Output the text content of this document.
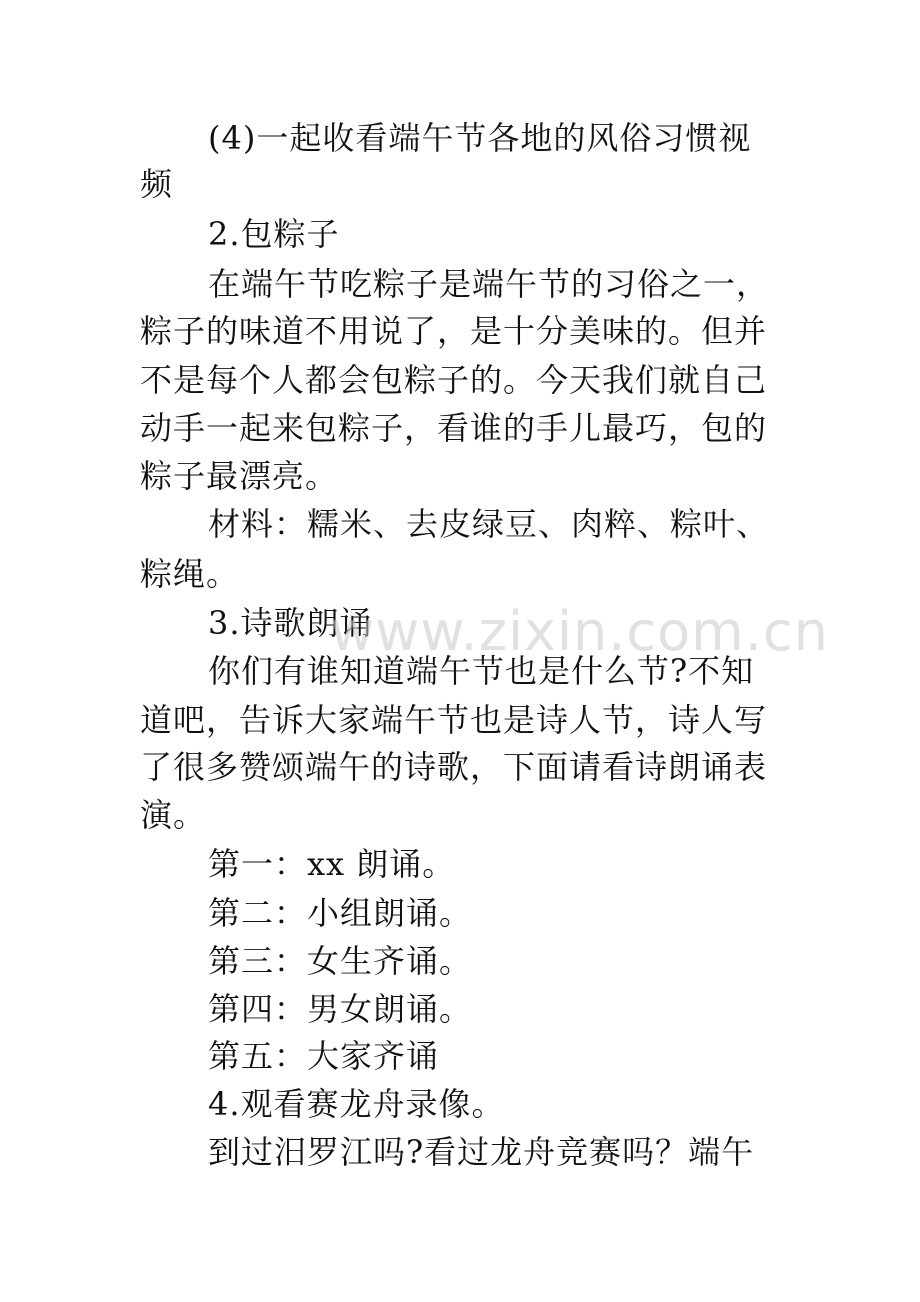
(4)一起收看端午节各地的风俗习惯视
频
2.包粽子
在端午节吃粽子是端午节的习俗之一，
粽子的味道不用说了，是十分美味的。但并
不是每个人都会包粽子的。今天我们就自己
动手一起来包粽子，看谁的手儿最巧，包的
粽子最漂亮。
材料：糯米、去皮绿豆、肉粹、粽叶、
粽绳。
3.诗歌朗诵
你们有谁知道端午节也是什么节?不知
道吧，告诉大家端午节也是诗人节，诗人写
了很多赞颂端午的诗歌，下面请看诗朗诵表
演。
第一：xx 朗诵。
第二：小组朗诵。
第三：女生齐诵。
第四：男女朗诵。
第五：大家齐诵
4.观看赛龙舟录像。
到过汨罗江吗?看过龙舟竞赛吗？端午
www.zixin.com.cn
